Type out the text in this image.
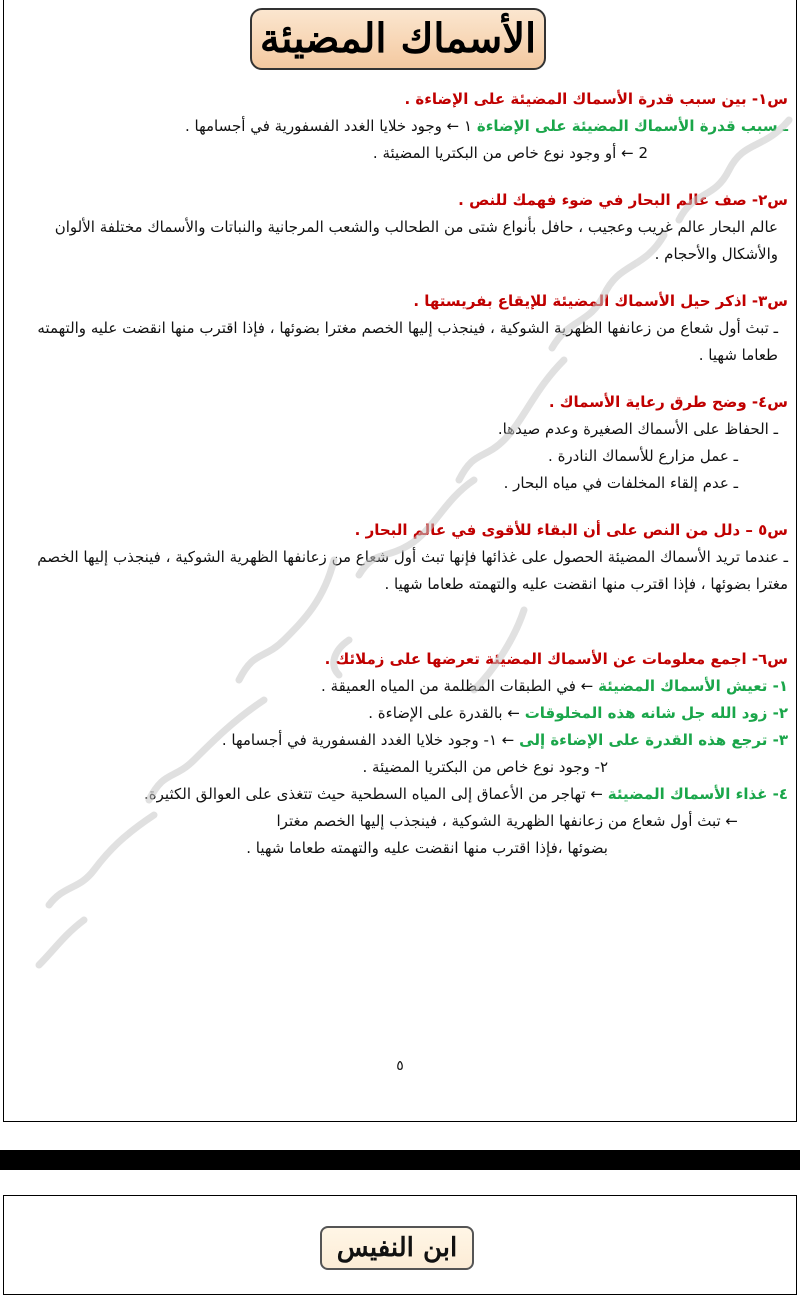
الأسماك المضيئة
س١- بين سبب قدرة الأسماك المضيئة على الإضاءة .
ـ سبب قدرة الأسماك المضيئة على الإضاءة ١ ← وجود خلايا الغدد الفسفورية في أجسامها .
2 ← أو وجود نوع خاص من البكتريا المضيئة .
س٢- صف عالم البحار في ضوء فهمك للنص .
عالم البحار عالم غريب وعجيب ، حافل بأنواع شتى من الطحالب والشعب المرجانية والنباتات والأسماك مختلفة الألوان والأشكال والأحجام .
س٣- اذكر حيل الأسماك المضيئة للإيقاع بفريستها .
ـ تبث أول شعاع من زعانفها الظهرية الشوكية ، فينجذب إليها الخصم مغترا بضوئها ، فإذا اقترب منها انقضت عليه والتهمته طعاما شهيا .
س٤- وضح طرق رعاية الأسماك .
ـ الحفاظ على الأسماك الصغيرة وعدم صيدها.
ـ عمل مزارع للأسماك النادرة .
ـ عدم إلقاء المخلفات في مياه البحار .
س٥ – دلل من النص على أن البقاء للأقوى في عالم البحار .
ـ عندما تريد الأسماك المضيئة الحصول على غذائها فإنها تبث أول شعاع من زعانفها الظهرية الشوكية ، فينجذب إليها الخصم مغترا بضوئها ، فإذا اقترب منها انقضت عليه والتهمته طعاما شهيا .
س٦- اجمع معلومات عن الأسماك المضيئة تعرضها على زملائك .
١- تعيش الأسماك المضيئة ← في الطبقات المظلمة من المياه العميقة .
٢- زود الله جل شانه هذه المخلوقات ← بالقدرة على الإضاءة .
٣- ترجع هذه القدرة على الإضاءة إلى ← ١- وجود خلايا الغدد الفسفورية في أجسامها .
٢- وجود نوع خاص من البكتريا المضيئة .
٤- غذاء الأسماك المضيئة ← تهاجر من الأعماق إلى المياه السطحية حيث تتغذى على العوالق الكثيرة.
← تبث أول شعاع من زعانفها الظهرية الشوكية ، فينجذب إليها الخصم مغترا
بضوئها ،فإذا اقترب منها انقضت عليه والتهمته طعاما شهيا .
٥
إعداد أ / أبو هيف رجاء حميدة
ابن النفيس
